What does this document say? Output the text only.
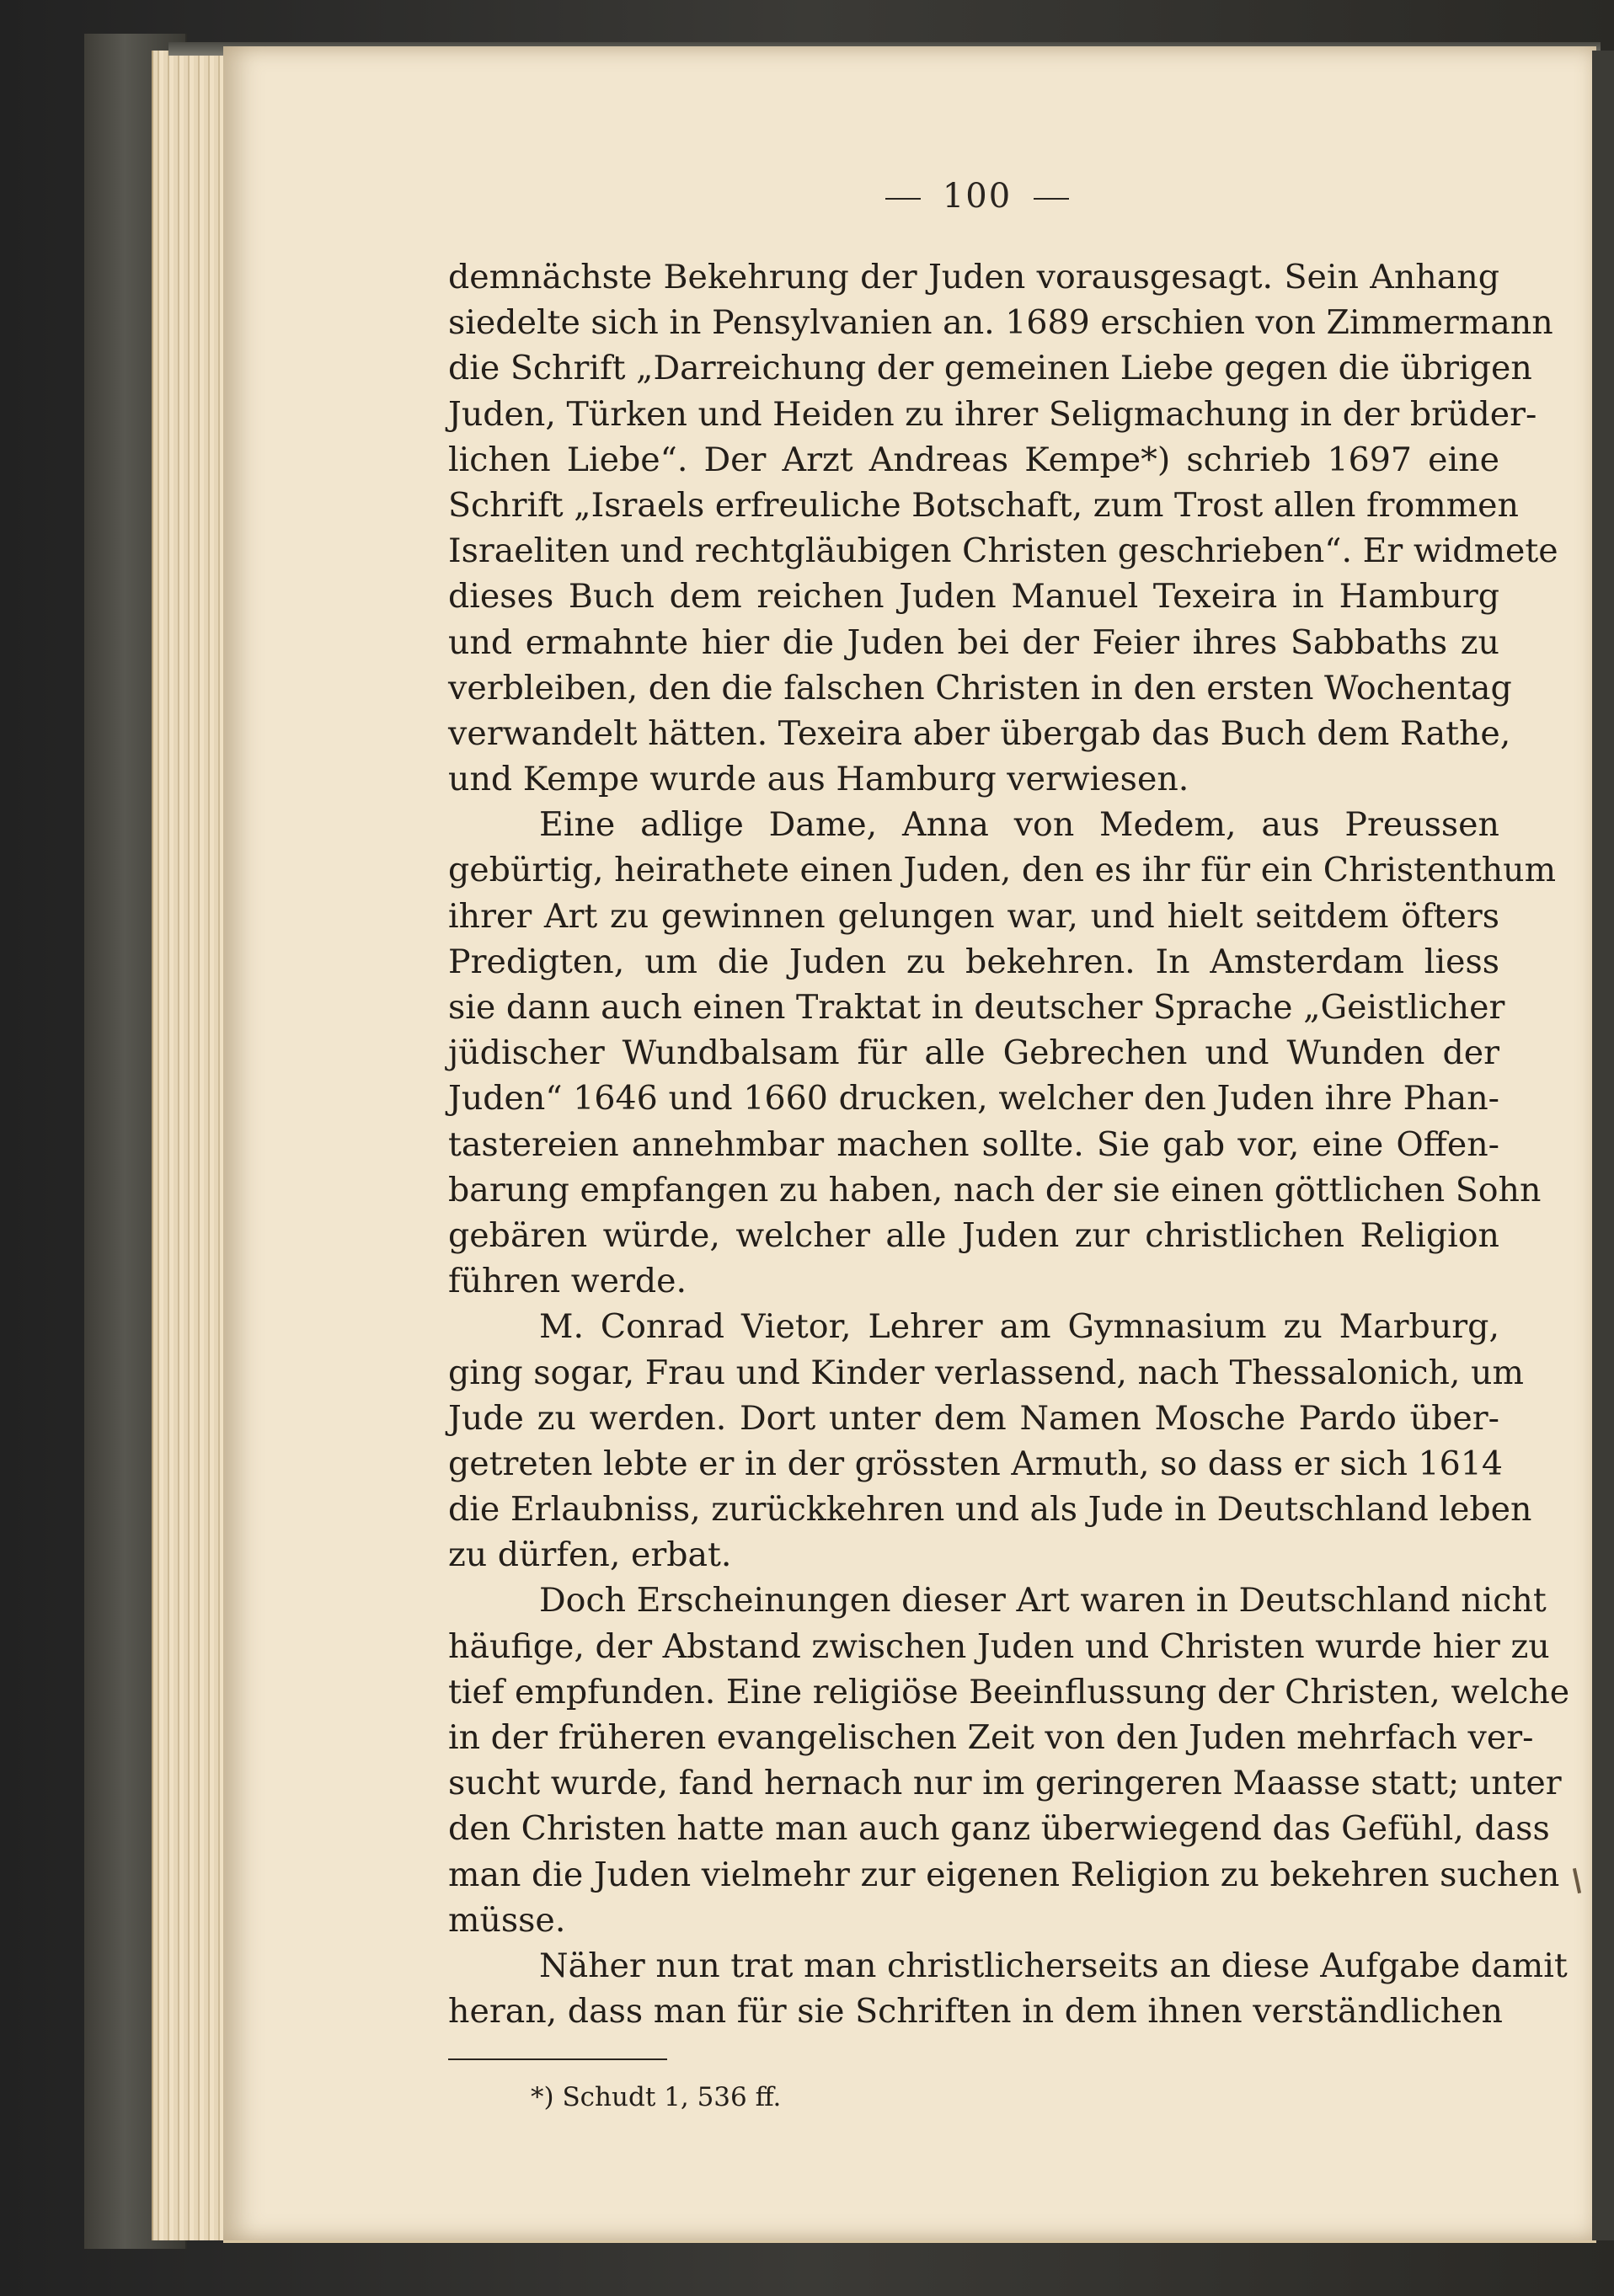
100
demnächste Bekehrung der Juden vorausgesagt. Sein Anhang
siedelte sich in Pensylvanien an. 1689 erschien von Zimmermann
die Schrift „Darreichung der gemeinen Liebe gegen die übrigen
Juden, Türken und Heiden zu ihrer Seligmachung in der brüder-
lichen Liebe“. Der Arzt Andreas Kempe*) schrieb 1697 eine
Schrift „Israels erfreuliche Botschaft, zum Trost allen frommen
Israeliten und rechtgläubigen Christen geschrieben“. Er widmete
dieses Buch dem reichen Juden Manuel Texeira in Hamburg
und ermahnte hier die Juden bei der Feier ihres Sabbaths zu
verbleiben, den die falschen Christen in den ersten Wochentag
verwandelt hätten. Texeira aber übergab das Buch dem Rathe,
und Kempe wurde aus Hamburg verwiesen.
Eine adlige Dame, Anna von Medem, aus Preussen
gebürtig, heirathete einen Juden, den es ihr für ein Christenthum
ihrer Art zu gewinnen gelungen war, und hielt seitdem öfters
Predigten, um die Juden zu bekehren. In Amsterdam liess
sie dann auch einen Traktat in deutscher Sprache „Geistlicher
jüdischer Wundbalsam für alle Gebrechen und Wunden der
Juden“ 1646 und 1660 drucken, welcher den Juden ihre Phan-
tastereien annehmbar machen sollte. Sie gab vor, eine Offen-
barung empfangen zu haben, nach der sie einen göttlichen Sohn
gebären würde, welcher alle Juden zur christlichen Religion
führen werde.
M. Conrad Vietor, Lehrer am Gymnasium zu Marburg,
ging sogar, Frau und Kinder verlassend, nach Thessalonich, um
Jude zu werden. Dort unter dem Namen Mosche Pardo über-
getreten lebte er in der grössten Armuth, so dass er sich 1614
die Erlaubniss, zurückkehren und als Jude in Deutschland leben
zu dürfen, erbat.
Doch Erscheinungen dieser Art waren in Deutschland nicht
häufige, der Abstand zwischen Juden und Christen wurde hier zu
tief empfunden. Eine religiöse Beeinflussung der Christen, welche
in der früheren evangelischen Zeit von den Juden mehrfach ver-
sucht wurde, fand hernach nur im geringeren Maasse statt; unter
den Christen hatte man auch ganz überwiegend das Gefühl, dass
man die Juden vielmehr zur eigenen Religion zu bekehren suchen
müsse.
Näher nun trat man christlicherseits an diese Aufgabe damit
heran, dass man für sie Schriften in dem ihnen verständlichen
*) Schudt 1, 536 ff.
